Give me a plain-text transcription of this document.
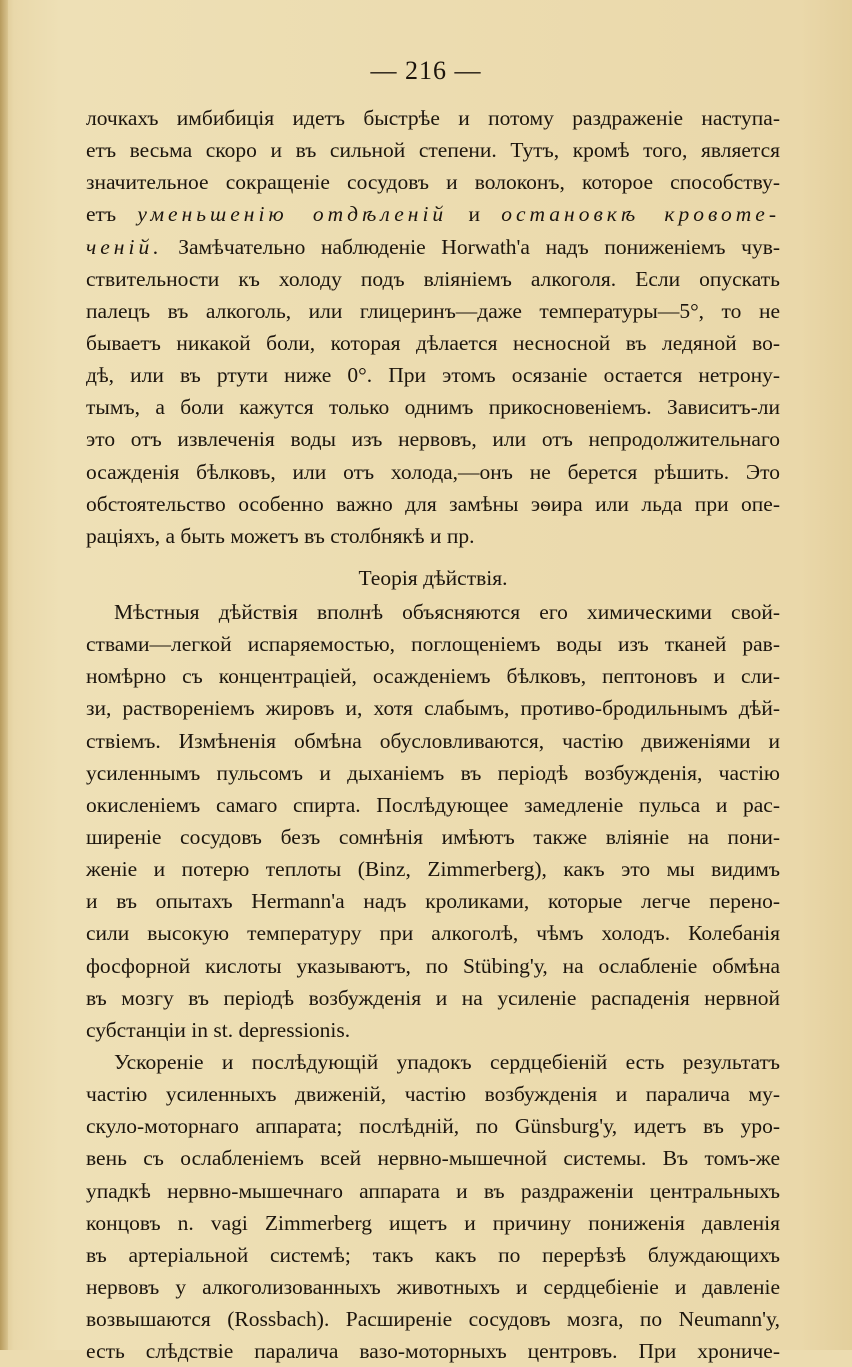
— 216 —
лочкахъ имбибиція идетъ быстрѣе и потому раздраженіе наступа-
етъ весьма скоро и въ сильной степени. Тутъ, кромѣ того, является
значительное сокращеніе сосудовъ и волоконъ, которое способству-
етъ уменьшенію отдѣленій и остановкѣ кровоте-
ченій. Замѣчательно наблюденіе Horwath'а надъ пониженіемъ чув-
ствительности къ холоду подъ вліяніемъ алкоголя. Если опускать
палецъ въ алкоголь, или глицеринъ—даже температуры—5°, то не
бываетъ никакой боли, которая дѣлается несносной въ ледяной во-
дѣ, или въ ртути ниже 0°. При этомъ осязаніе остается нетрону-
тымъ, а боли кажутся только однимъ прикосновеніемъ. Зависитъ-ли
это отъ извлеченія воды изъ нервовъ, или отъ непродолжительнаго
осажденія бѣлковъ, или отъ холода,—онъ не берется рѣшить. Это
обстоятельство особенно важно для замѣны эѳира или льда при опе-
раціяхъ, а быть можетъ въ столбнякѣ и пр.
Теорія дѣйствія.
Мѣстныя дѣйствія вполнѣ объясняются его химическими свой-
ствами—легкой испаряемостью, поглощеніемъ воды изъ тканей рав-
номѣрно съ концентраціей, осажденіемъ бѣлковъ, пептоновъ и сли-
зи, раствореніемъ жировъ и, хотя слабымъ, противо-бродильнымъ дѣй-
ствіемъ. Измѣненія обмѣна обусловливаются, частію движеніями и
усиленнымъ пульсомъ и дыханіемъ въ періодѣ возбужденія, частію
окисленіемъ самаго спирта. Послѣдующее замедленіе пульса и рас-
ширеніе сосудовъ безъ сомнѣнія имѣютъ также вліяніе на пони-
женіе и потерю теплоты (Binz, Zimmerberg), какъ это мы видимъ
и въ опытахъ Hermann'а надъ кроликами, которые легче перено-
сили высокую температуру при алкоголѣ, чѣмъ холодъ. Колебанія
фосфорной кислоты указываютъ, по Stübing'у, на ослабленіе обмѣна
въ мозгу въ періодѣ возбужденія и на усиленіе распаденія нервной
субстанціи in st. depressionis.
Ускореніе и послѣдующій упадокъ сердцебіеній есть результатъ
частію усиленныхъ движеній, частію возбужденія и паралича му-
скуло-моторнаго аппарата; послѣдній, по Günsburg'у, идетъ въ уро-
вень съ ослабленіемъ всей нервно-мышечной системы. Въ томъ-же
упадкѣ нервно-мышечнаго аппарата и въ раздраженіи центральныхъ
концовъ n. vagi Zimmerberg ищетъ и причину пониженія давленія
въ артеріальной системѣ; такъ какъ по перерѣзѣ блуждающихъ
нервовъ у алкоголизованныхъ животныхъ и сердцебіеніе и давленіе
возвышаются (Rossbach). Расширеніе сосудовъ мозга, по Neumann'у,
есть слѣдствіе паралича вазо-моторныхъ центровъ. При хрониче-
